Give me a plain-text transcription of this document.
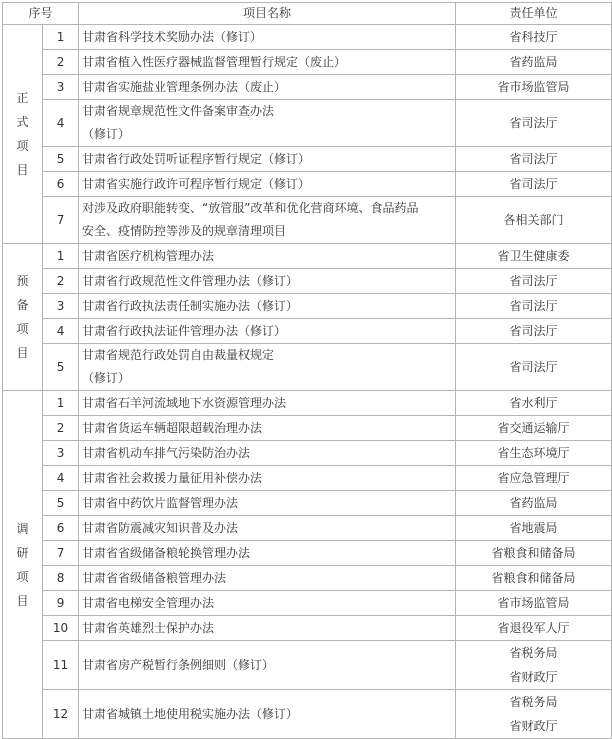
序号		项目名称	责任单位

正
式
项
目	1	甘肃省科学技术奖励办法（修订）	省科技厅

	2	甘肃省植入性医疗器械监督管理暂行规定（废止）	省药监局

	3	甘肃省实施盐业管理条例办法（废止）	省市场监管局

	4	甘肃省规章规范性文件备案审查办法
（修订）	省司法厅

	5	甘肃省行政处罚听证程序暂行规定（修订）	省司法厅

	6	甘肃省实施行政许可程序暂行规定（修订）	省司法厅

	7	对涉及政府职能转变、“放管服”改革和优化营商环境、食品药品
安全、疫情防控等涉及的规章清理项目	各相关部门

预
备
项
目	1	甘肃省医疗机构管理办法	省卫生健康委

	2	甘肃省行政规范性文件管理办法（修订）	省司法厅

	3	甘肃省行政执法责任制实施办法（修订）	省司法厅

	4	甘肃省行政执法证件管理办法（修订）	省司法厅

	5	甘肃省规范行政处罚自由裁量权规定
（修订）	省司法厅

调
研
项
目	1	甘肃省石羊河流域地下水资源管理办法	省水利厅

	2	甘肃省货运车辆超限超载治理办法	省交通运输厅

	3	甘肃省机动车排气污染防治办法	省生态环境厅

	4	甘肃省社会救援力量征用补偿办法	省应急管理厅

	5	甘肃省中药饮片监督管理办法	省药监局

	6	甘肃省防震减灾知识普及办法	省地震局

	7	甘肃省省级储备粮轮换管理办法	省粮食和储备局

	8	甘肃省省级储备粮管理办法	省粮食和储备局

	9	甘肃省电梯安全管理办法	省市场监管局

	10	甘肃省英雄烈士保护办法	省退役军人厅

	11	甘肃省房产税暂行条例细则（修订）	省税务局
省财政厅

	12	甘肃省城镇土地使用税实施办法（修订）	省税务局
省财政厅
